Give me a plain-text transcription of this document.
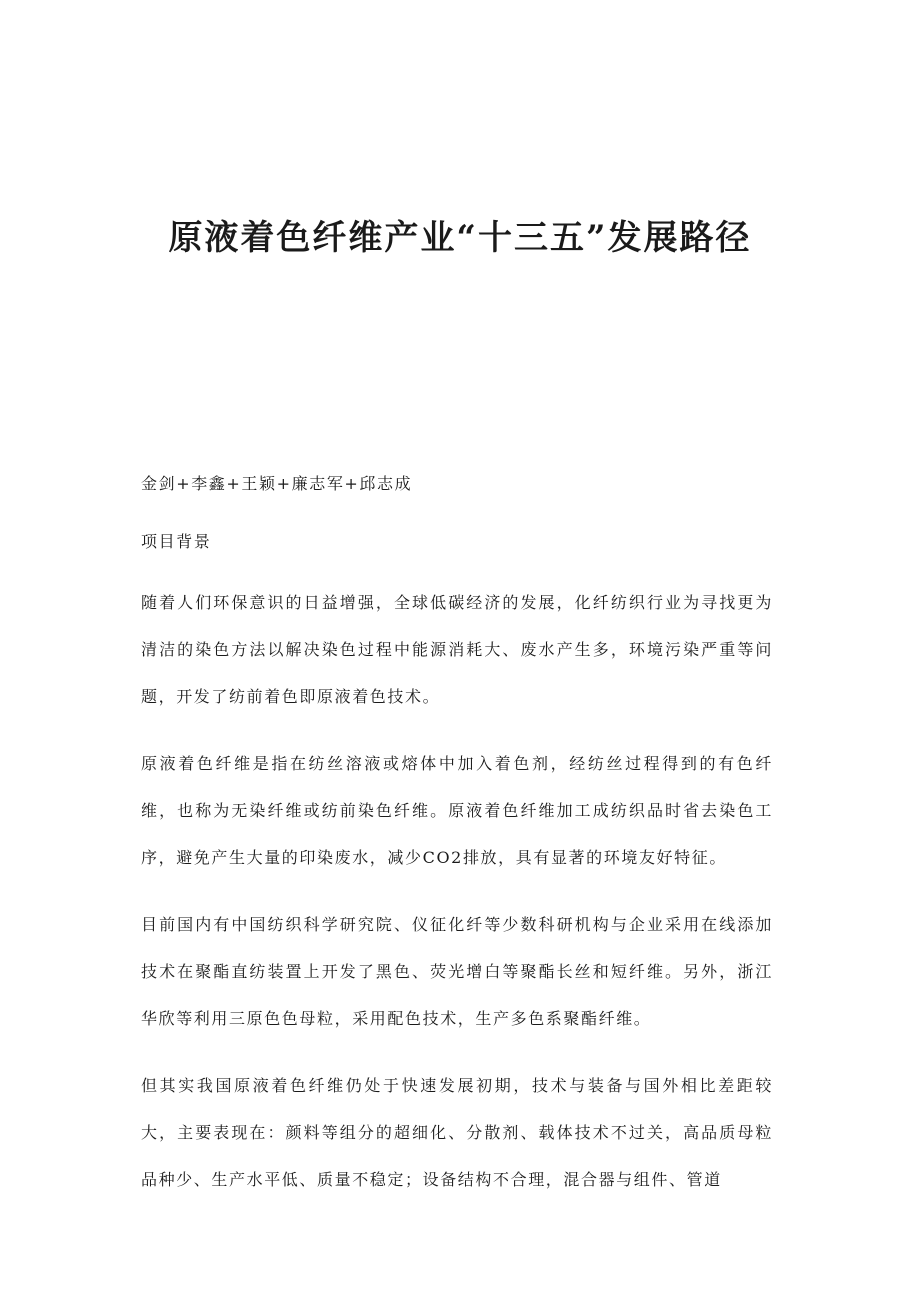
原液着色纤维产业“十三五”发展路径

金剑+李鑫+王颖+廉志军+邱志成

项目背景

随着人们环保意识的日益增强，全球低碳经济的发展，化纤纺织行业为寻找更为清洁的染色方法以解决染色过程中能源消耗大、废水产生多，环境污染严重等问题，开发了纺前着色即原液着色技术。

原液着色纤维是指在纺丝溶液或熔体中加入着色剂，经纺丝过程得到的有色纤维，也称为无染纤维或纺前染色纤维。原液着色纤维加工成纺织品时省去染色工序，避免产生大量的印染废水，减少CO2排放，具有显著的环境友好特征。

目前国内有中国纺织科学研究院、仪征化纤等少数科研机构与企业采用在线添加技术在聚酯直纺装置上开发了黑色、荧光增白等聚酯长丝和短纤维。另外，浙江华欣等利用三原色色母粒，采用配色技术，生产多色系聚酯纤维。

但其实我国原液着色纤维仍处于快速发展初期，技术与装备与国外相比差距较大，主要表现在：颜料等组分的超细化、分散剂、载体技术不过关，高品质母粒品种少、生产水平低、质量不稳定；设备结构不合理，混合器与组件、管道
